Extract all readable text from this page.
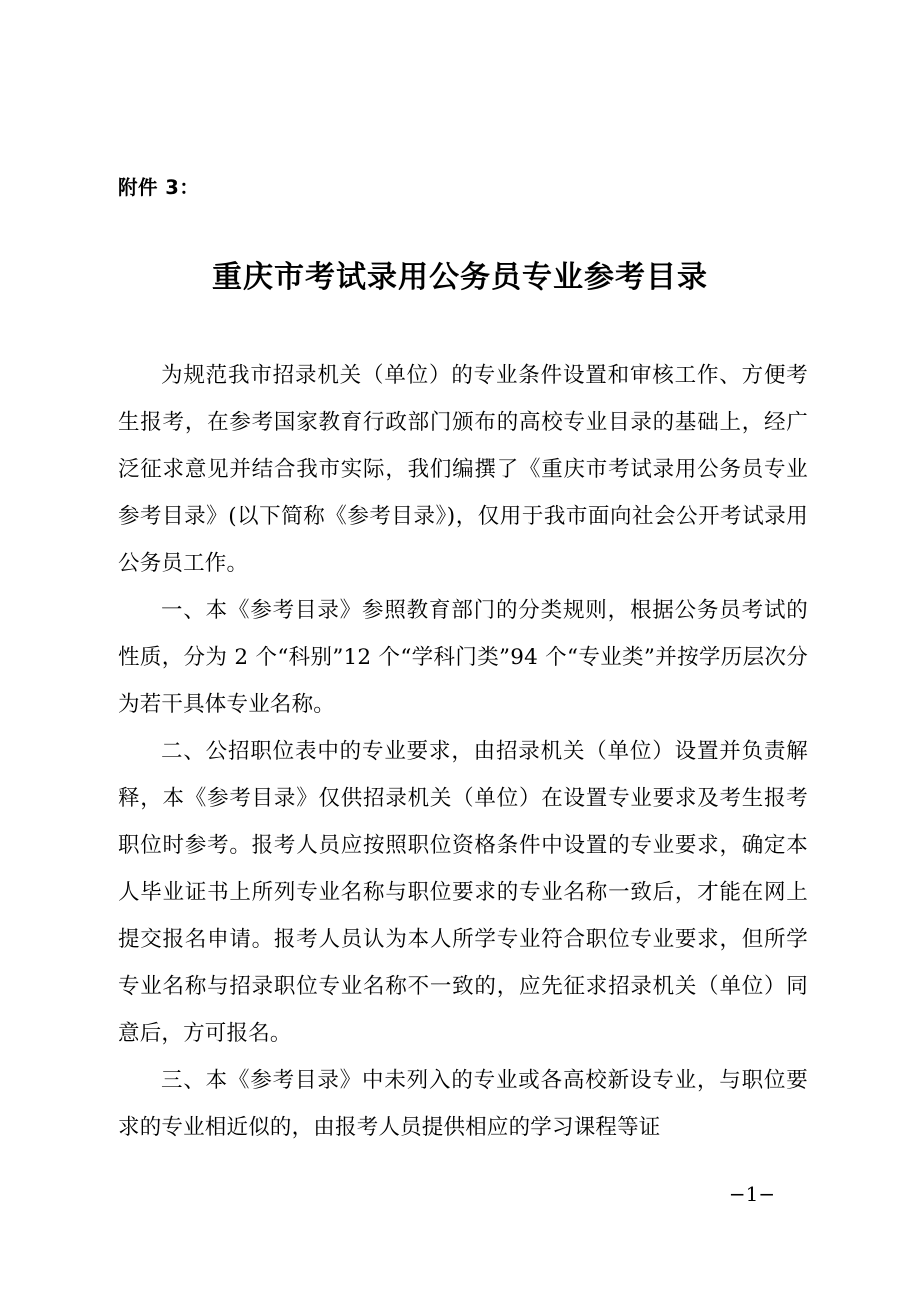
附件 3：
重庆市考试录用公务员专业参考目录

为规范我市招录机关（单位）的专业条件设置和审核工作、方便考生报考，在参考国家教育行政部门颁布的高校专业目录的基础上，经广泛征求意见并结合我市实际，我们编撰了《重庆市考试录用公务员专业参考目录》(以下简称《参考目录》)，仅用于我市面向社会公开考试录用公务员工作。

一、本《参考目录》参照教育部门的分类规则，根据公务员考试的性质，分为 2 个“科别”12 个“学科门类”94 个“专业类”并按学历层次分为若干具体专业名称。

二、公招职位表中的专业要求，由招录机关（单位）设置并负责解释，本《参考目录》仅供招录机关（单位）在设置专业要求及考生报考职位时参考。报考人员应按照职位资格条件中设置的专业要求，确定本人毕业证书上所列专业名称与职位要求的专业名称一致后，才能在网上提交报名申请。报考人员认为本人所学专业符合职位专业要求，但所学专业名称与招录职位专业名称不一致的，应先征求招录机关（单位）同意后，方可报名。

三、本《参考目录》中未列入的专业或各高校新设专业，与职位要求的专业相近似的，由报考人员提供相应的学习课程等证

−1−
